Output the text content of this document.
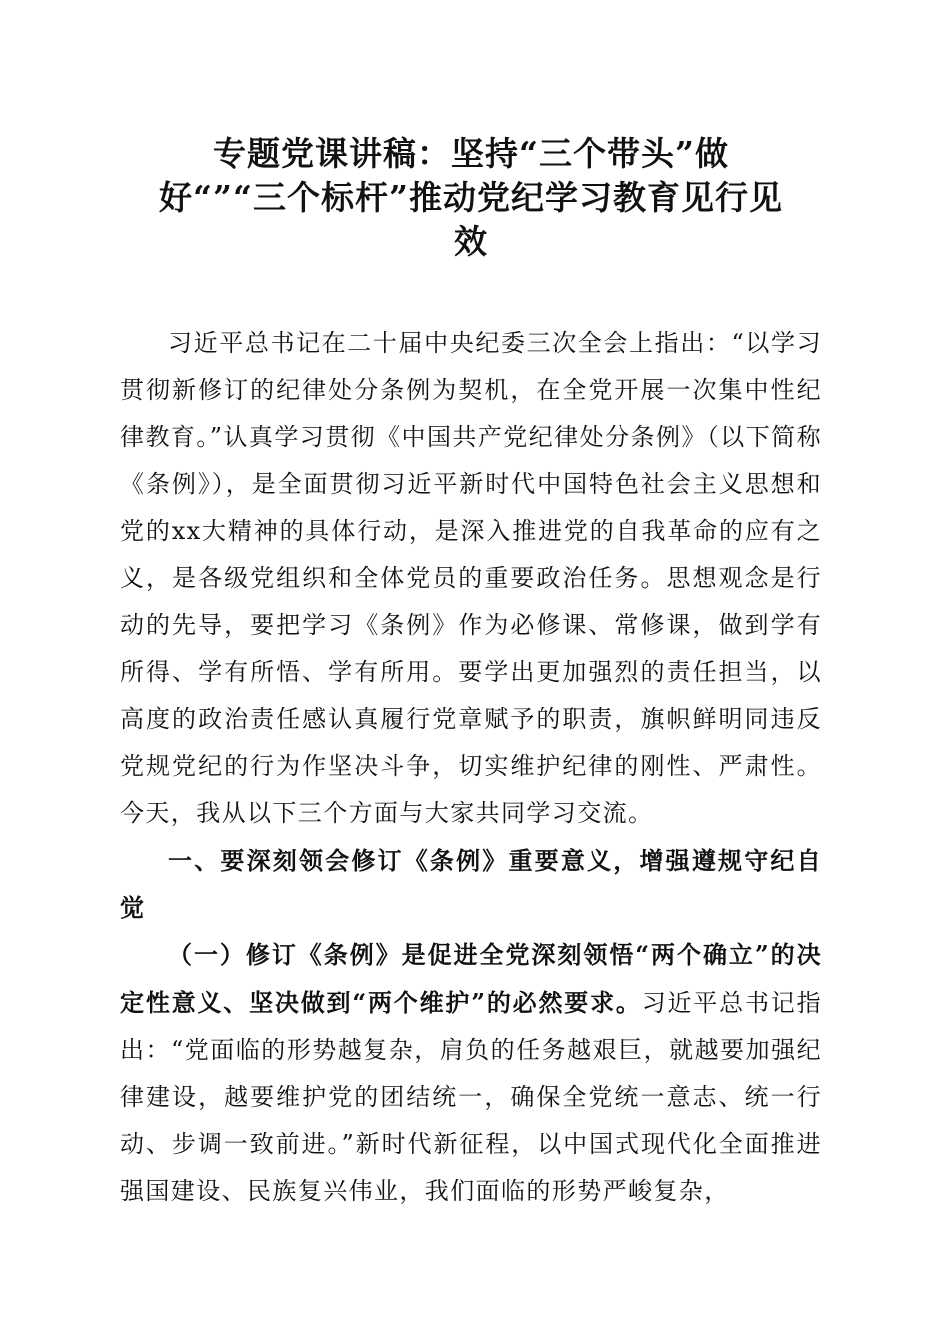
专题党课讲稿：坚持“三个带头”做
好“”“三个标杆”推动党纪学习教育见行见
效

习近平总书记在二十届中央纪委三次全会上指出：“以学习贯彻新修订的纪律处分条例为契机，在全党开展一次集中性纪律教育。”认真学习贯彻《中国共产党纪律处分条例》（以下简称《条例》），是全面贯彻习近平新时代中国特色社会主义思想和党的xx大精神的具体行动，是深入推进党的自我革命的应有之义，是各级党组织和全体党员的重要政治任务。思想观念是行动的先导，要把学习《条例》作为必修课、常修课，做到学有所得、学有所悟、学有所用。要学出更加强烈的责任担当，以高度的政治责任感认真履行党章赋予的职责，旗帜鲜明同违反党规党纪的行为作坚决斗争，切实维护纪律的刚性、严肃性。今天，我从以下三个方面与大家共同学习交流。

一、要深刻领会修订《条例》重要意义，增强遵规守纪自觉

（一）修订《条例》是促进全党深刻领悟“两个确立”的决定性意义、坚决做到“两个维护”的必然要求。习近平总书记指出：“党面临的形势越复杂，肩负的任务越艰巨，就越要加强纪律建设，越要维护党的团结统一，确保全党统一意志、统一行动、步调一致前进。”新时代新征程，以中国式现代化全面推进强国建设、民族复兴伟业，我们面临的形势严峻复杂，
